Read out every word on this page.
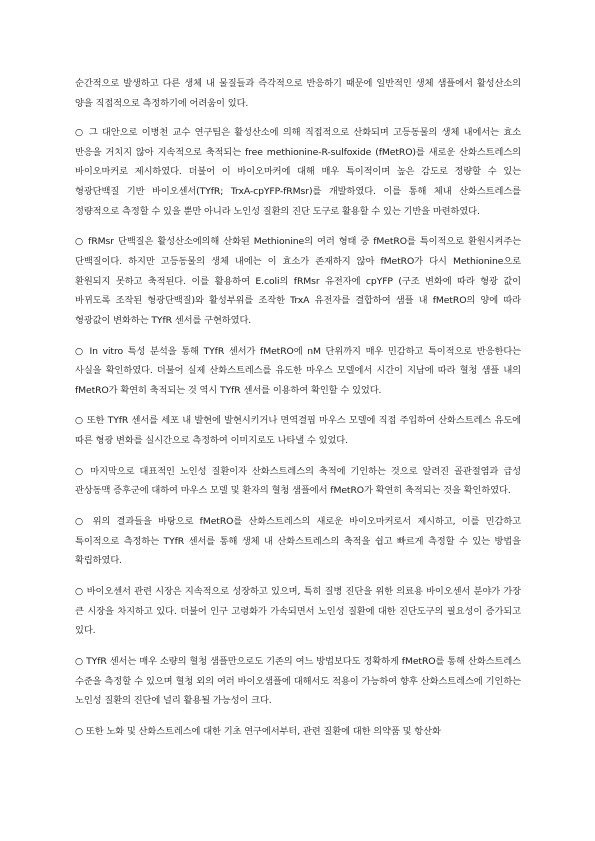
순간적으로 발생하고 다른 생체 내 물질들과 즉각적으로 반응하기 때문에 일반적인 생체 샘플에서 활성산소의 양을 직접적으로 측정하기에 어려움이 있다.

○ 그 대안으로 이병천 교수 연구팀은 활성산소에 의해 직접적으로 산화되며 고등동물의 생체 내에서는 효소 반응을 거치지 않아 지속적으로 축적되는 free methionine-R-sulfoxide (fMetRO)를 새로운 산화스트레스의 바이오마커로 제시하였다. 더불어 이 바이오마커에 대해 매우 특이적이며 높은 감도로 정량할 수 있는 형광단백질 기반 바이오센서(TYfR; TrxA-cpYFP-fRMsr)를 개발하였다. 이를 통해 체내 산화스트레스를 정량적으로 측정할 수 있을 뿐만 아니라 노인성 질환의 진단 도구로 활용할 수 있는 기반을 마련하였다.

○ fRMsr 단백질은 활성산소에의해 산화된 Methionine의 여러 형태 중 fMetRO를 특이적으로 환원시켜주는 단백질이다. 하지만 고등동물의 생체 내에는 이 효소가 존재하지 않아 fMetRO가 다시 Methionine으로 환원되지 못하고 축적된다. 이를 활용하여 E.coli의 fRMsr 유전자에 cpYFP (구조 변화에 따라 형광 값이 바뀌도록 조작된 형광단백질)와 활성부위를 조작한 TrxA 유전자를 결합하여 샘플 내 fMetRO의 양에 따라 형광값이 변화하는 TYfR 센서를 구현하였다.

○ In vitro 특성 분석을 통해 TYfR 센서가 fMetRO에 nM 단위까지 매우 민감하고 특이적으로 반응한다는 사실을 확인하였다. 더불어 실제 산화스트레스를 유도한 마우스 모델에서 시간이 지남에 따라 혈청 샘플 내의 fMetRO가 확연히 축적되는 것 역시 TYfR 센서를 이용하여 확인할 수 있었다.

○ 또한 TYfR 센서를 세포 내 발현에 발현시키거나 면역결핍 마우스 모델에 직접 주입하여 산화스트레스 유도에 따른 형광 변화를 실시간으로 측정하여 이미지로도 나타낼 수 있었다.

○ 마지막으로 대표적인 노인성 질환이자 산화스트레스의 축적에 기인하는 것으로 알려진 골관절염과 급성 관상동맥 증후군에 대하여 마우스 모델 및 환자의 혈청 샘플에서 fMetRO가 확연히 축적되는 것을 확인하였다.

○ 위의 결과들을 바탕으로 fMetRO를 산화스트레스의 새로운 바이오마커로서 제시하고, 이를 민감하고 특이적으로 측정하는 TYfR 센서를 통해 생체 내 산화스트레스의 축적을 쉽고 빠르게 측정할 수 있는 방법을 확립하였다.

○ 바이오센서 관련 시장은 지속적으로 성장하고 있으며, 특히 질병 진단을 위한 의료용 바이오센서 분야가 가장 큰 시장을 차지하고 있다. 더불어 인구 고령화가 가속되면서 노인성 질환에 대한 진단도구의 필요성이 증가되고 있다.

○ TYfR 센서는 매우 소량의 혈청 샘플만으로도 기존의 여느 방법보다도 정확하게 fMetRO를 통해 산화스트레스 수준을 측정할 수 있으며 혈청 외의 여러 바이오샘플에 대해서도 적용이 가능하여 향후 산화스트레스에 기인하는 노인성 질환의 진단에 널리 활용될 가능성이 크다.

○ 또한 노화 및 산화스트레스에 대한 기초 연구에서부터, 관련 질환에 대한 의약품 및 항산화
